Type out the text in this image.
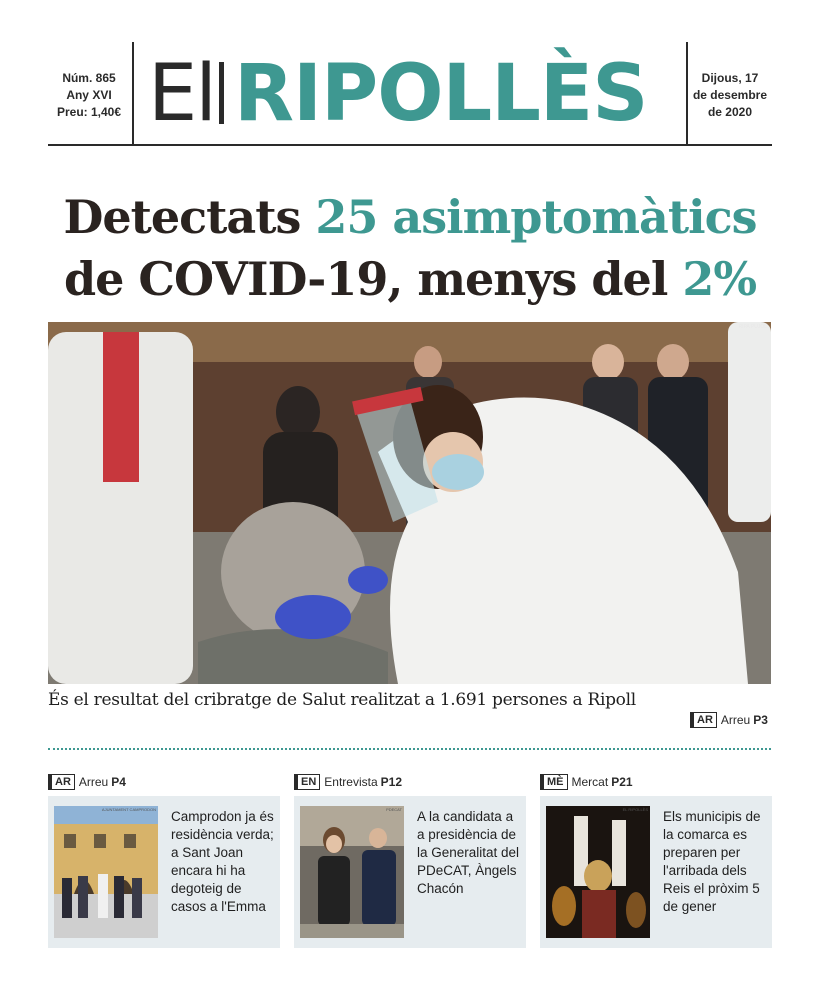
Núm. 865
Any XVI
Preu: 1,40€ El RIPOLLÈS	Dijous, 17
de desembre
de 2020
Detectats 25 asimptomàtics
de COVID-19, menys del 2%
RIPA PUJOL
És el resultat del cribratge de Salut realitzat a 1.691 persones a Ripoll
AR Arreu P3
AR Arreu P4	EN Entrevista P12	MÈ Mercat P21
AJUNTAMENT CAMPRODON Camprodon ja és residència verda; a Sant Joan encara hi ha degoteig de casos a l'Emma
PDECAT A la candidata a a presidència de la Generalitat del PDeCAT, Àngels Chacón
EL RIPOLLÈS Els municipis de la comarca es preparen per l'arribada dels Reis el pròxim 5 de gener
